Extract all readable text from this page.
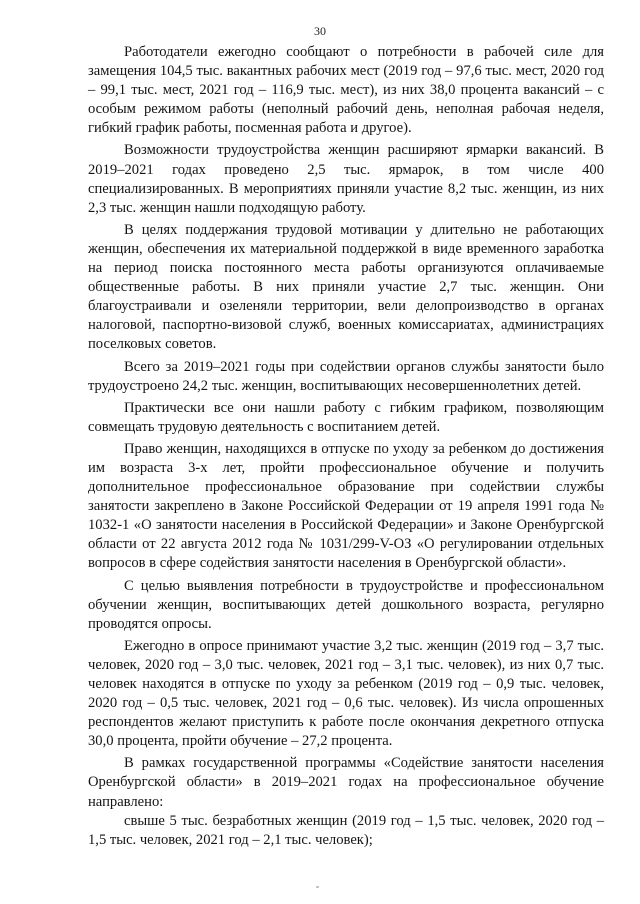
30

Работодатели ежегодно сообщают о потребности в рабочей силе для замещения 104,5 тыс. вакантных рабочих мест (2019 год – 97,6 тыс. мест, 2020 год – 99,1 тыс. мест, 2021 год – 116,9 тыс. мест), из них 38,0 процента вакансий – с особым режимом работы (неполный рабочий день, неполная рабочая неделя, гибкий график работы, посменная работа и другое).

Возможности трудоустройства женщин расширяют ярмарки вакансий. В 2019–2021 годах проведено 2,5 тыс. ярмарок, в том числе 400 специализированных. В мероприятиях приняли участие 8,2 тыс. женщин, из них 2,3 тыс. женщин нашли подходящую работу.

В целях поддержания трудовой мотивации у длительно не работающих женщин, обеспечения их материальной поддержкой в виде временного заработка на период поиска постоянного места работы организуются оплачиваемые общественные работы. В них приняли участие 2,7 тыс. женщин. Они благоустраивали и озеленяли территории, вели делопроизводство в органах налоговой, паспортно-визовой служб, военных комиссариатах, администрациях поселковых советов.

Всего за 2019–2021 годы при содействии органов службы занятости было трудоустроено 24,2 тыс. женщин, воспитывающих несовершеннолетних детей.

Практически все они нашли работу с гибким графиком, позволяющим совмещать трудовую деятельность с воспитанием детей.

Право женщин, находящихся в отпуске по уходу за ребенком до достижения им возраста 3-х лет, пройти профессиональное обучение и получить дополнительное профессиональное образование при содействии службы занятости закреплено в Законе Российской Федерации от 19 апреля 1991 года № 1032-1 «О занятости населения в Российской Федерации» и Законе Оренбургской области от 22 августа 2012 года № 1031/299-V-ОЗ «О регулировании отдельных вопросов в сфере содействия занятости населения в Оренбургской области».

С целью выявления потребности в трудоустройстве и профессиональном обучении женщин, воспитывающих детей дошкольного возраста, регулярно проводятся опросы.

Ежегодно в опросе принимают участие 3,2 тыс. женщин (2019 год – 3,7 тыс. человек, 2020 год – 3,0 тыс. человек, 2021 год – 3,1 тыс. человек), из них 0,7 тыс. человек находятся в отпуске по уходу за ребенком (2019 год – 0,9 тыс. человек, 2020 год – 0,5 тыс. человек, 2021 год – 0,6 тыс. человек). Из числа опрошенных респондентов желают приступить к работе после окончания декретного отпуска 30,0 процента, пройти обучение – 27,2 процента.

В рамках государственной программы «Содействие занятости населения Оренбургской области» в 2019–2021 годах на профессиональное обучение направлено:

свыше 5 тыс. безработных женщин (2019 год – 1,5 тыс. человек, 2020 год – 1,5 тыс. человек, 2021 год – 2,1 тыс. человек);
